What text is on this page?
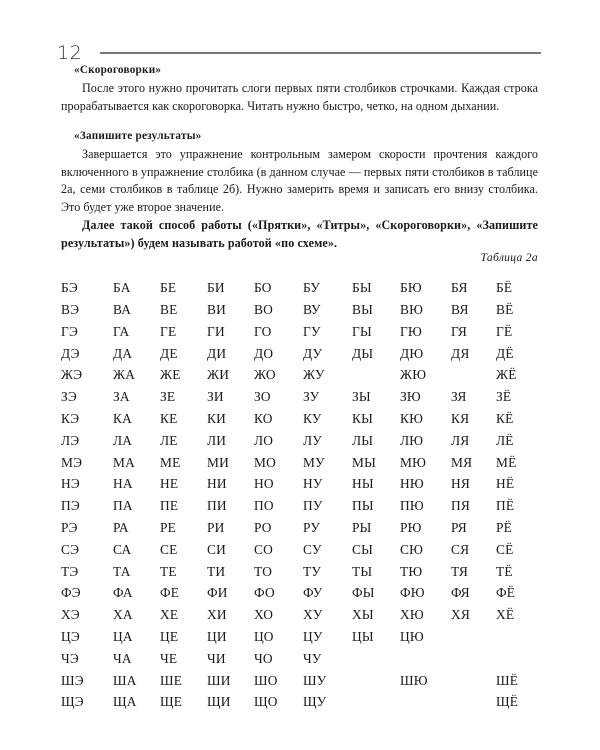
12
«Скороговорки»

После этого нужно прочитать слоги первых пяти столбиков строчками. Каждая строка прорабатывается как скороговорка. Читать нужно быстро, четко, на одном дыхании.

«Запишите результаты»

Завершается это упражнение контрольным замером скорости прочтения каждого включенного в упражнение столбика (в данном случае — первых пяти столбиков в таблице 2а, семи столбиков в таблице 2б). Нужно замерить время и записать его внизу столбика. Это будет уже второе значение.

Далее такой способ работы («Прятки», «Титры», «Скороговорки», «Запишите результаты») будем называть работой «по схеме».

Таблица 2а
БЭ	БА	БЕ	БИ	БО	БУ	БЫ	БЮ	БЯ	БЁ
ВЭ	ВА	ВЕ	ВИ	ВО	ВУ	ВЫ	ВЮ	ВЯ	ВЁ
ГЭ	ГА	ГЕ	ГИ	ГО	ГУ	ГЫ	ГЮ	ГЯ	ГЁ
ДЭ	ДА	ДЕ	ДИ	ДО	ДУ	ДЫ	ДЮ	ДЯ	ДЁ
ЖЭ	ЖА	ЖЕ	ЖИ	ЖО	ЖУ		ЖЮ		ЖЁ
ЗЭ	ЗА	ЗЕ	ЗИ	ЗО	ЗУ	ЗЫ	ЗЮ	ЗЯ	ЗЁ
КЭ	КА	КЕ	КИ	КО	КУ	КЫ	КЮ	КЯ	КЁ
ЛЭ	ЛА	ЛЕ	ЛИ	ЛО	ЛУ	ЛЫ	ЛЮ	ЛЯ	ЛЁ
МЭ	МА	МЕ	МИ	МО	МУ	МЫ	МЮ	МЯ	МЁ
НЭ	НА	НЕ	НИ	НО	НУ	НЫ	НЮ	НЯ	НЁ
ПЭ	ПА	ПЕ	ПИ	ПО	ПУ	ПЫ	ПЮ	ПЯ	ПЁ
РЭ	РА	РЕ	РИ	РО	РУ	РЫ	РЮ	РЯ	РЁ
СЭ	СА	СЕ	СИ	СО	СУ	СЫ	СЮ	СЯ	СЁ
ТЭ	ТА	ТЕ	ТИ	ТО	ТУ	ТЫ	ТЮ	ТЯ	ТЁ
ФЭ	ФА	ФЕ	ФИ	ФО	ФУ	ФЫ	ФЮ	ФЯ	ФЁ
ХЭ	ХА	ХЕ	ХИ	ХО	ХУ	ХЫ	ХЮ	ХЯ	ХЁ
ЦЭ	ЦА	ЦЕ	ЦИ	ЦО	ЦУ	ЦЫ	ЦЮ		
ЧЭ	ЧА	ЧЕ	ЧИ	ЧО	ЧУ				
ШЭ	ША	ШЕ	ШИ	ШО	ШУ		ШЮ		ШЁ
ЩЭ	ЩА	ЩЕ	ЩИ	ЩО	ЩУ				ЩЁ
